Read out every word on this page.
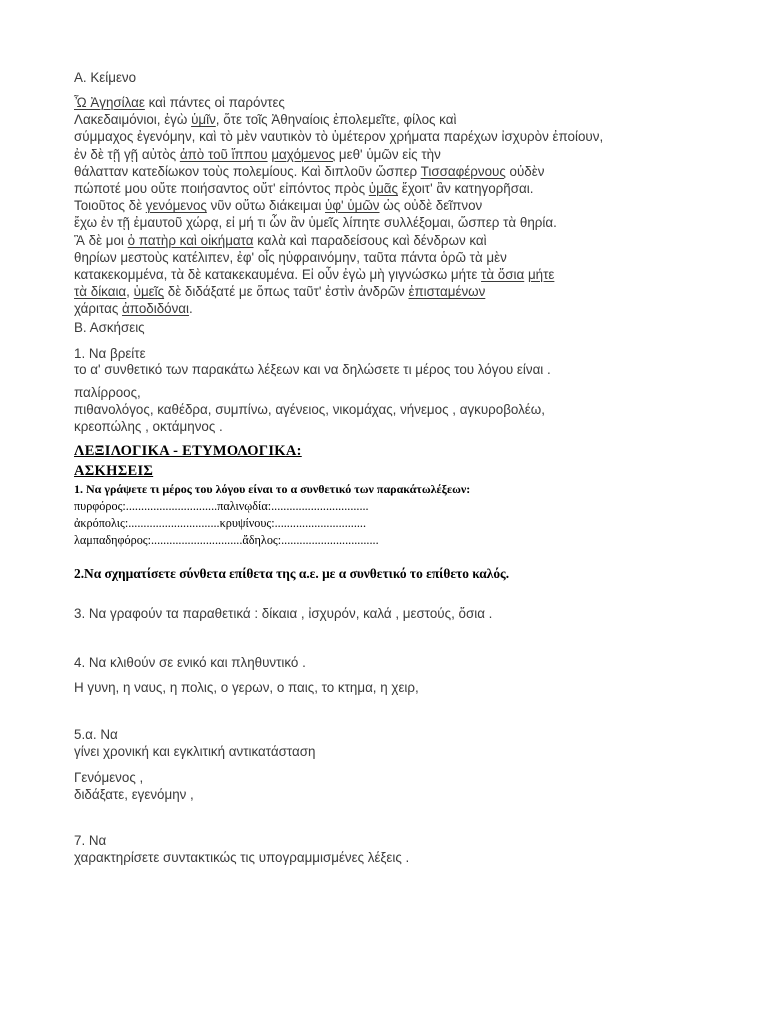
Α. Κείμενο
Ὦ Ἀγησίλαε καὶ πάντες οἱ παρόντες
Λακεδαιμόνιοι, ἐγὼ ὑμῖν, ὅτε τοῖς Ἀθηναίοις ἐπολεμεῖτε, φίλος καὶ
σύμμαχος ἐγενόμην, καὶ τὸ μὲν ναυτικὸν τὸ ὑμέτερον χρήματα παρέχων ἰσχυρὸν ἐποίουν,
ἐν δὲ τῇ γῇ αὐτὸς ἀπὸ τοῦ ἵππου μαχόμενος μεθ' ὑμῶν εἰς τὴν
θάλατταν κατεδίωκον τοὺς πολεμίους. Καὶ διπλοῦν ὥσπερ Τισσαφέρνους οὐδὲν
πώποτέ μου οὔτε ποιήσαντος οὔτ' εἰπόντος πρὸς ὑμᾶς ἔχοιτ' ἂν κατηγορῆσαι.
Τοιοῦτος δὲ γενόμενος νῦν οὕτω διάκειμαι ὑφ' ὑμῶν ὡς οὐδὲ δεῖπνον
ἔχω ἐν τῇ ἐμαυτοῦ χώρᾳ, εἰ μή τι ὧν ἂν ὑμεῖς λίπητε συλλέξομαι, ὥσπερ τὰ θηρία.
Ἃ δὲ μοι ὁ πατὴρ καὶ οἰκήματα καλὰ καὶ παραδείσους καὶ δένδρων καὶ
θηρίων μεστοὺς κατέλιπεν, ἐφ' οἷς ηὐφραινόμην, ταῦτα πάντα ὁρῶ τὰ μὲν
κατακεκομμένα, τὰ δὲ κατακεκαυμένα. Εἰ οὖν ἐγὼ μὴ γιγνώσκω μήτε τὰ ὅσια μήτε
τὰ δίκαια, ὑμεῖς δὲ διδάξατέ με ὅπως ταῦτ' ἐστὶν ἀνδρῶν ἐπισταμένων
χάριτας ἀποδιδόναι.
Β. Ασκήσεις
1. Να βρείτε
το α' συνθετικό των παρακάτω λέξεων και να δηλώσετε τι μέρος του λόγου είναι .
παλίρροος,
πιθανολόγος, καθέδρα, συμπίνω, αγένειος, νικομάχας, νήνεμος , αγκυροβολέω,
κρεοπώλης , οκτάμηνος .
ΛΕΞΙΛΟΓΙΚΑ - ΕΤΥΜΟΛΟΓΙΚΑ:
ΑΣΚΗΣΕΙΣ
1. Να γράψετε τι μέρος του λόγου είναι το α συνθετικό των παρακάτωλέξεων:
πυρφόρος:..............................παλινῳδία:................................
ἀκρόπολις:..............................κρυψίνους:..............................
λαμπαδηφόρος:..............................ἄδηλος:................................
2.Να σχηματίσετε σύνθετα επίθετα της α.ε. με α συνθετικό το επίθετο καλός.
3. Να γραφούν τα παραθετικά : δίκαια , ἰσχυρόν, καλά , μεστούς, ὅσια .
4. Να κλιθούν σε ενικό και πληθυντικό .
Η γυνη, η ναυς, η πολις, ο γερων, ο παις, το κτημα, η χειρ,
5.α. Να
γίνει χρονική και εγκλιτική αντικατάσταση
Γενόμενος ,
διδάξατε, εγενόμην ,
7. Να
χαρακτηρίσετε συντακτικώς τις υπογραμμισμένες λέξεις .
